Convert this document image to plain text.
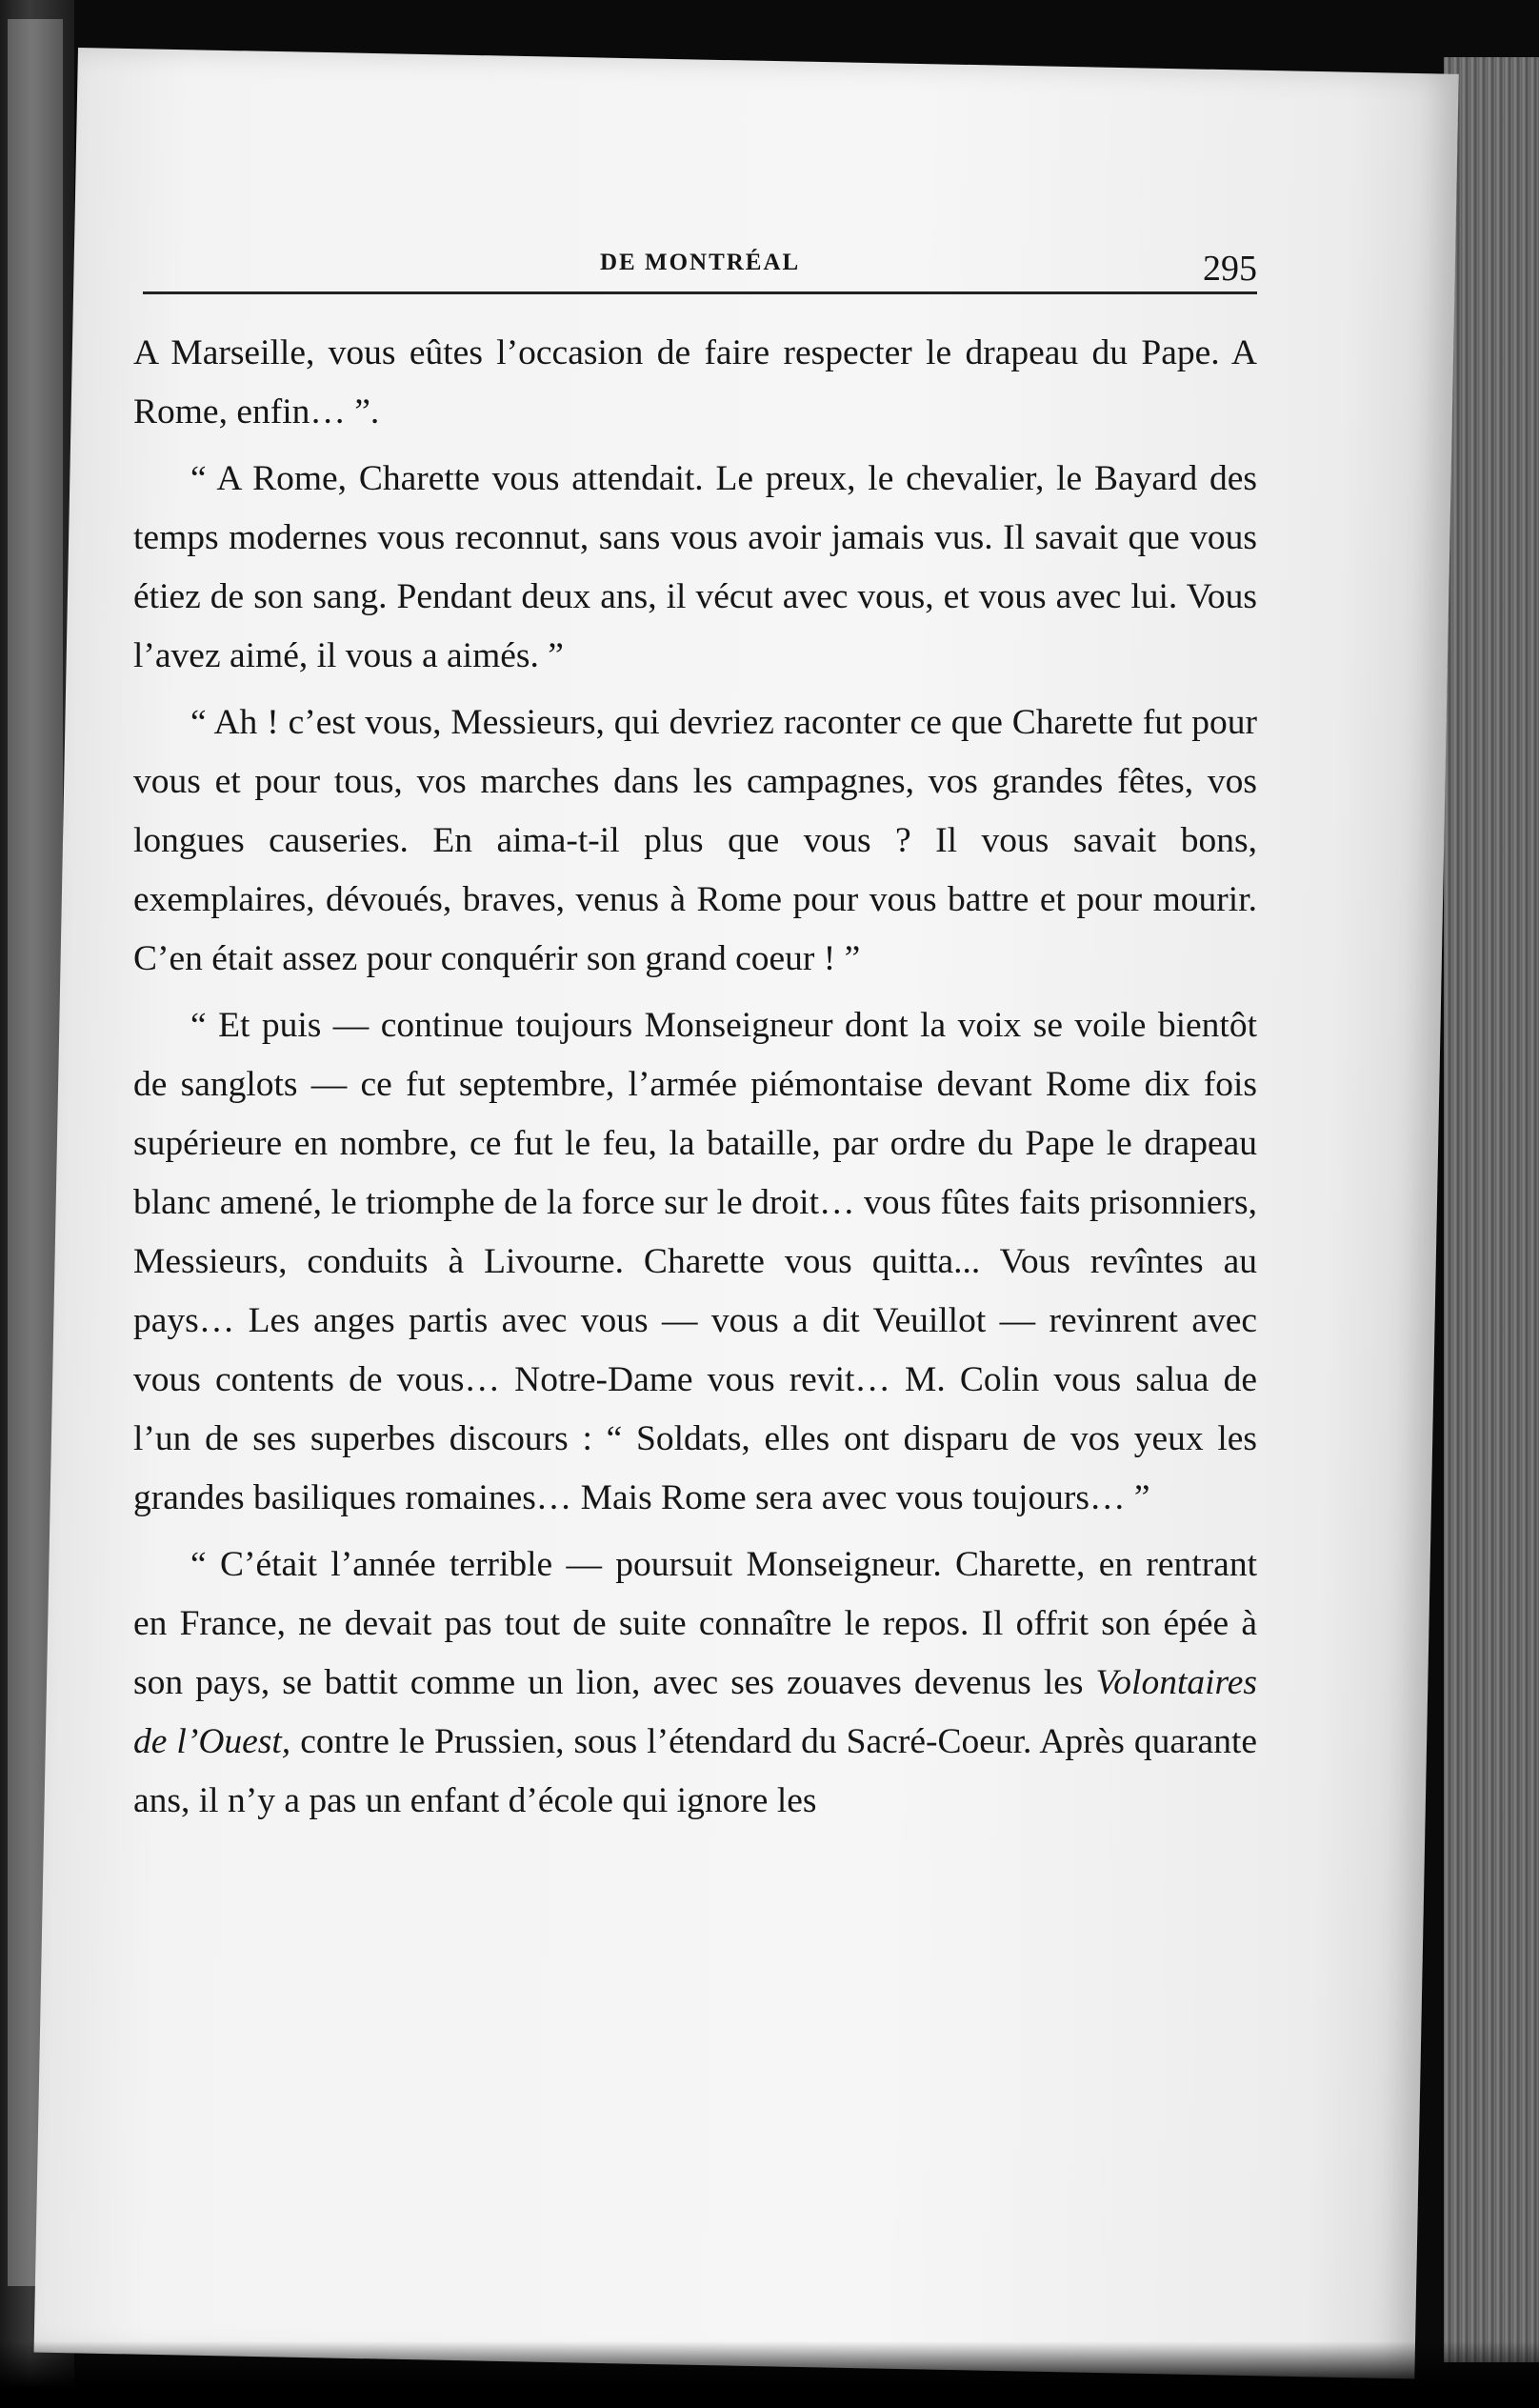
DE MONTRÉAL	295

A Marseille, vous eûtes l’occasion de faire respecter le drapeau du Pape. A Rome, enfin… ”.

“ A Rome, Charette vous attendait. Le preux, le chevalier, le Bayard des temps modernes vous reconnut, sans vous avoir jamais vus. Il savait que vous étiez de son sang. Pendant deux ans, il vécut avec vous, et vous avec lui. Vous l’avez aimé, il vous a aimés. ”

“ Ah ! c’est vous, Messieurs, qui devriez raconter ce que Charette fut pour vous et pour tous, vos marches dans les campagnes, vos grandes fêtes, vos longues causeries. En aima-t-il plus que vous ? Il vous savait bons, exemplaires, dévoués, braves, venus à Rome pour vous battre et pour mourir. C’en était assez pour conquérir son grand coeur ! ”

“ Et puis — continue toujours Monseigneur dont la voix se voile bientôt de sanglots — ce fut septembre, l’armée piémontaise devant Rome dix fois supérieure en nombre, ce fut le feu, la bataille, par ordre du Pape le drapeau blanc amené, le triomphe de la force sur le droit… vous fûtes faits prisonniers, Messieurs, conduits à Livourne. Charette vous quitta... Vous revîntes au pays… Les anges partis avec vous — vous a dit Veuillot — revinrent avec vous contents de vous… Notre-Dame vous revit… M. Colin vous salua de l’un de ses superbes discours : “ Soldats, elles ont disparu de vos yeux les grandes basiliques romaines… Mais Rome sera avec vous toujours… ”

“ C’était l’année terrible — poursuit Monseigneur. Charette, en rentrant en France, ne devait pas tout de suite connaître le repos. Il offrit son épée à son pays, se battit comme un lion, avec ses zouaves devenus les Volontaires de l’Ouest, contre le Prussien, sous l’étendard du Sacré-Coeur. Après quarante ans, il n’y a pas un enfant d’école qui ignore les
